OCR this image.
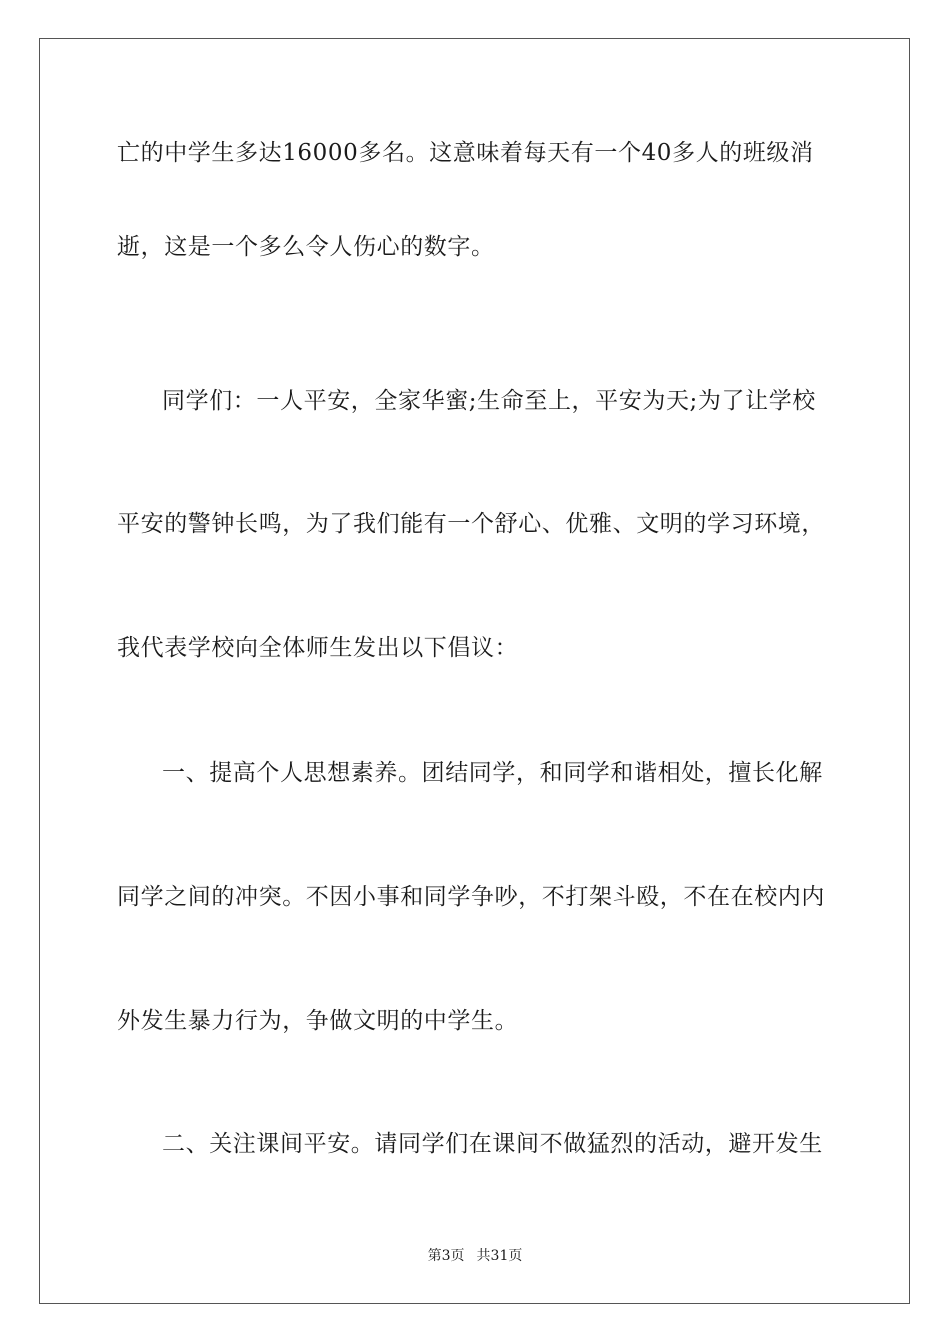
亡的中学生多达16000多名。这意味着每天有一个40多人的班级消
逝，这是一个多么令人伤心的数字。
同学们：一人平安，全家华蜜;生命至上，平安为天;为了让学校
平安的警钟长鸣，为了我们能有一个舒心、优雅、文明的学习环境，
我代表学校向全体师生发出以下倡议：
一、提高个人思想素养。团结同学，和同学和谐相处，擅长化解
同学之间的冲突。不因小事和同学争吵，不打架斗殴，不在在校内内
外发生暴力行为，争做文明的中学生。
二、关注课间平安。请同学们在课间不做猛烈的活动，避开发生
第3页 共31页
